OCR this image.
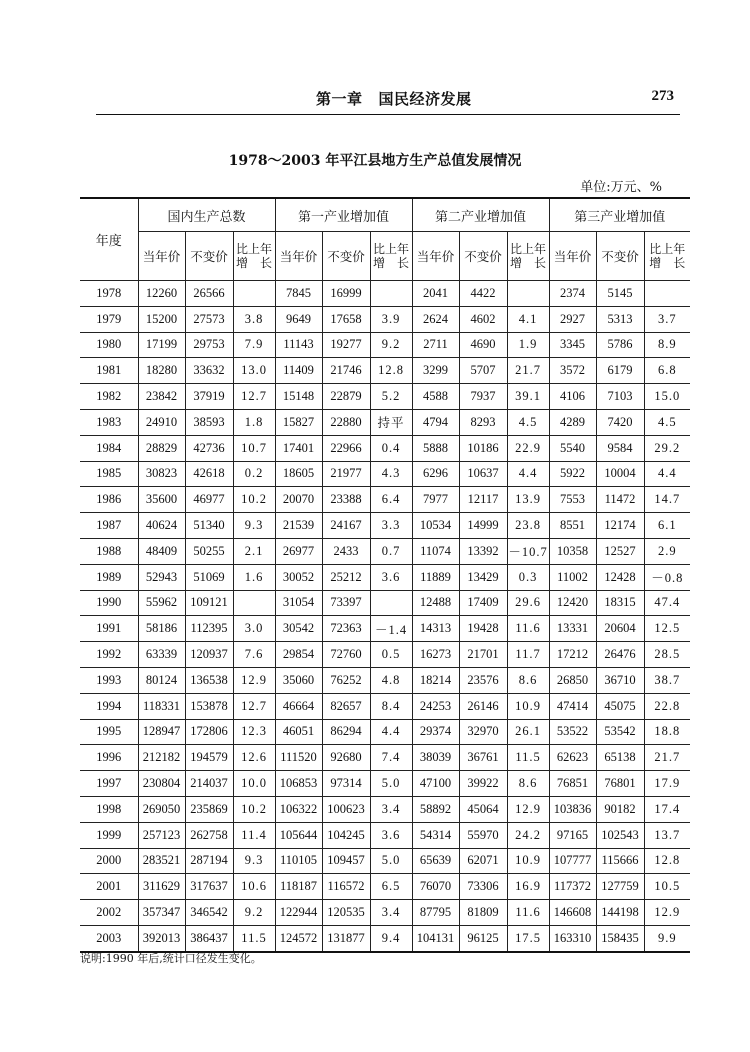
第一章 国民经济发展	273
1978～2003 年平江县地方生产总值发展情况
单位:万元、%
年度	国内生产总数			第一产业增加值			第二产业增加值			第三产业增加值		
	当年价	不变价	比上年增　长	当年价	不变价	比上年增　长	当年价	不变价	比上年增　长	当年价	不变价	比上年增　长
1978	12260	26566		7845	16999		2041	4422		2374	5145	
1979	15200	27573	3.8	9649	17658	3.9	2624	4602	4.1	2927	5313	3.7
1980	17199	29753	7.9	11143	19277	9.2	2711	4690	1.9	3345	5786	8.9
1981	18280	33632	13.0	11409	21746	12.8	3299	5707	21.7	3572	6179	6.8
1982	23842	37919	12.7	15148	22879	5.2	4588	7937	39.1	4106	7103	15.0
1983	24910	38593	1.8	15827	22880	持平	4794	8293	4.5	4289	7420	4.5
1984	28829	42736	10.7	17401	22966	0.4	5888	10186	22.9	5540	9584	29.2
1985	30823	42618	0.2	18605	21977	4.3	6296	10637	4.4	5922	10004	4.4
1986	35600	46977	10.2	20070	23388	6.4	7977	12117	13.9	7553	11472	14.7
1987	40624	51340	9.3	21539	24167	3.3	10534	14999	23.8	8551	12174	6.1
1988	48409	50255	2.1	26977	2433	0.7	11074	13392	－10.7	10358	12527	2.9
1989	52943	51069	1.6	30052	25212	3.6	11889	13429	0.3	11002	12428	－0.8
1990	55962	109121		31054	73397		12488	17409	29.6	12420	18315	47.4
1991	58186	112395	3.0	30542	72363	－1.4	14313	19428	11.6	13331	20604	12.5
1992	63339	120937	7.6	29854	72760	0.5	16273	21701	11.7	17212	26476	28.5
1993	80124	136538	12.9	35060	76252	4.8	18214	23576	8.6	26850	36710	38.7
1994	118331	153878	12.7	46664	82657	8.4	24253	26146	10.9	47414	45075	22.8
1995	128947	172806	12.3	46051	86294	4.4	29374	32970	26.1	53522	53542	18.8
1996	212182	194579	12.6	111520	92680	7.4	38039	36761	11.5	62623	65138	21.7
1997	230804	214037	10.0	106853	97314	5.0	47100	39922	8.6	76851	76801	17.9
1998	269050	235869	10.2	106322	100623	3.4	58892	45064	12.9	103836	90182	17.4
1999	257123	262758	11.4	105644	104245	3.6	54314	55970	24.2	97165	102543	13.7
2000	283521	287194	9.3	110105	109457	5.0	65639	62071	10.9	107777	115666	12.8
2001	311629	317637	10.6	118187	116572	6.5	76070	73306	16.9	117372	127759	10.5
2002	357347	346542	9.2	122944	120535	3.4	87795	81809	11.6	146608	144198	12.9
2003	392013	386437	11.5	124572	131877	9.4	104131	96125	17.5	163310	158435	9.9
说明:1990 年后,统计口径发生变化。
